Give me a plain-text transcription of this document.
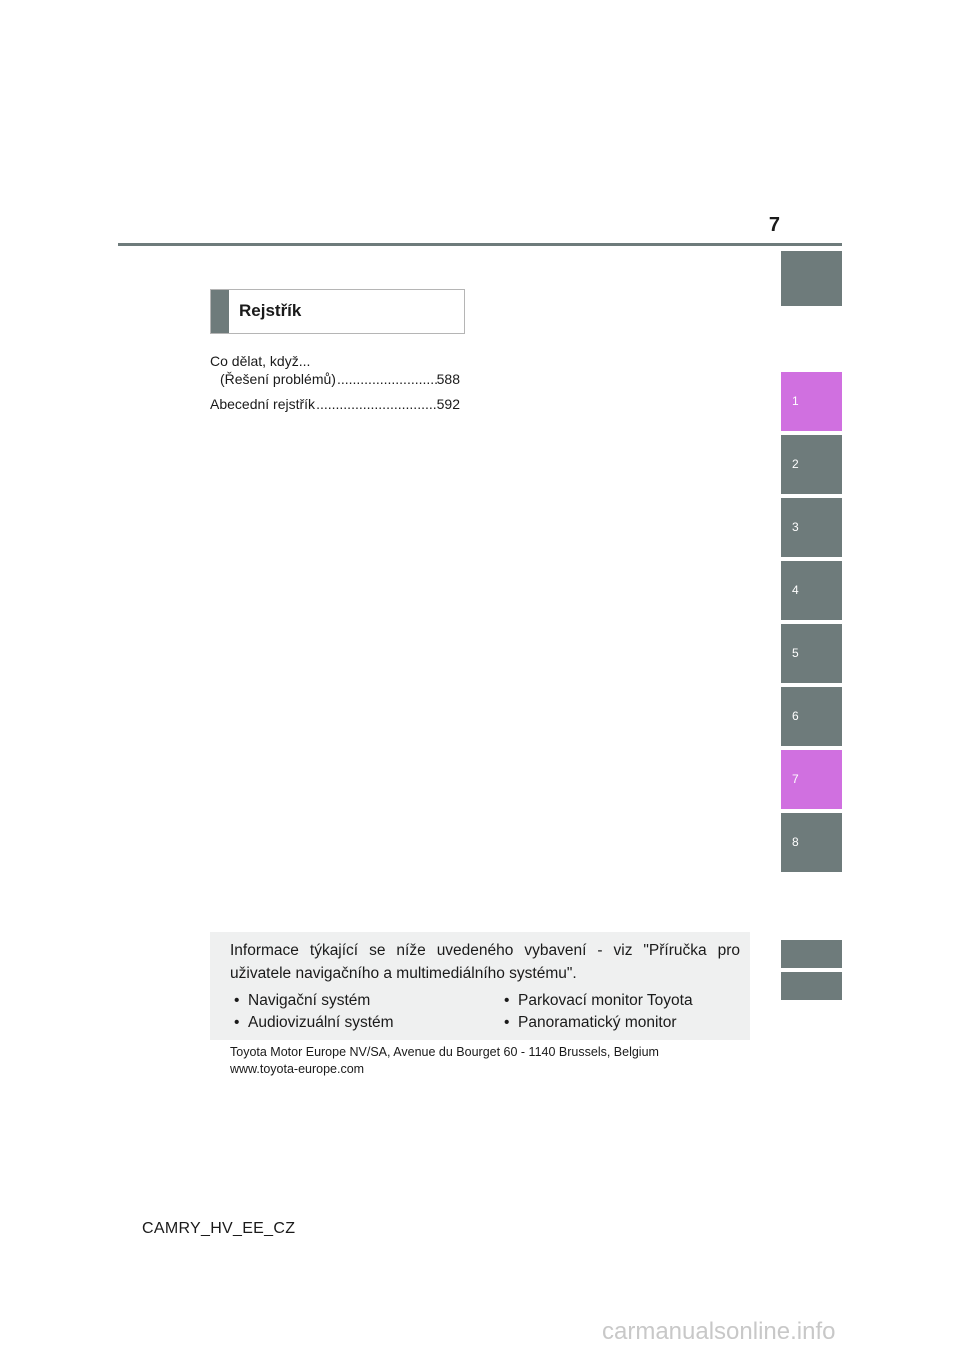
7
Rejstřík
Co dělat, když...
(Řešení problémů) .....	588
Abecední rejstřík .....	592	1
2
3
4
5
6
7
8
Informace týkající se níže uvedeného vybavení - viz "Příručka pro uživatele navigačního a multimediálního systému".
• Navigační systém	• Parkovací monitor Toyota
• Audiovizuální systém	• Panoramatický monitor
Toyota Motor Europe NV/SA, Avenue du Bourget 60 - 1140 Brussels, Belgium
www.toyota-europe.com
CAMRY_HV_EE_CZ
carmanualsonline.info
